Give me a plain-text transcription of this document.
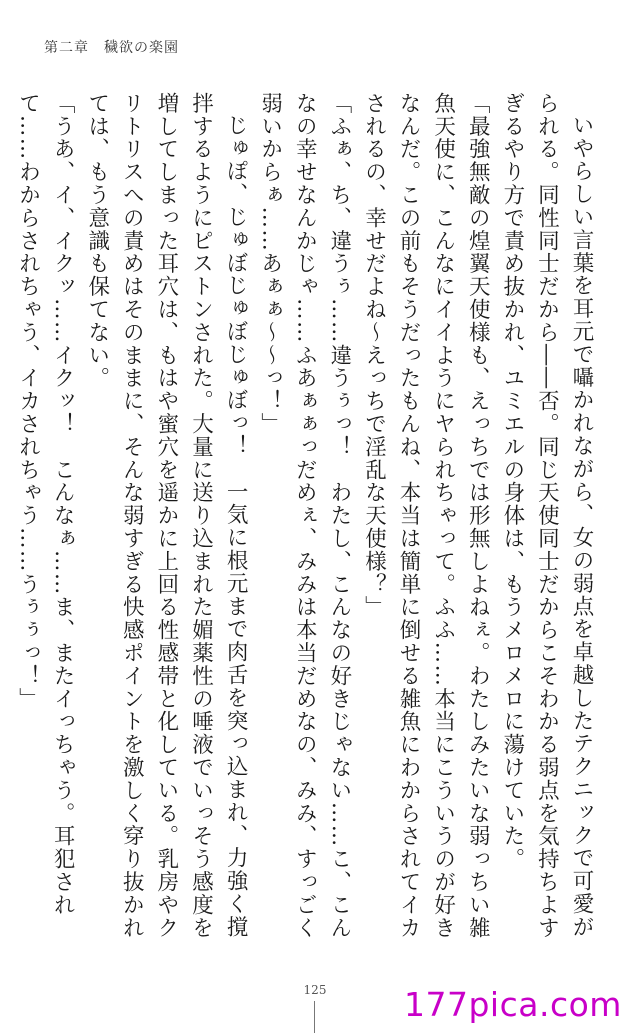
第二章　 穢欲の楽園

いやらしい言葉を耳元で囁かれながら、女の弱点を卓越したテクニックで可愛がられる。同性同士だから――否。同じ天使同士だからこそわかる弱点を気持ちよすぎるやり方で責め抜かれ、ユミエルの身体は、もうメロメロに蕩けていた。

「最強無敵の煌翼天使様も、えっちでは形無しよねぇ。わたしみたいな弱っちい雑魚天使に、こんなにイイようにヤられちゃって。ふふ……本当にこういうのが好きなんだ。この前もそうだったもんね、本当は簡単に倒せる雑魚にわからされてイカされるの、幸せだよね～えっちで淫乱な天使様？」

「ふぁ、ち、違うぅ……違うぅっ！　わたし、こんなの好きじゃない……こ、こんなの幸せなんかじゃ……ふあぁぁっだめぇ、みみは本当だめなの、みみ、すっごく弱いからぁ……あぁぁ～～っ！」

じゅぽ、じゅぼじゅぼじゅぼっ！　一気に根元まで肉舌を突っ込まれ、力強く撹拌するようにピストンされた。大量に送り込まれた媚薬性の唾液でいっそう感度を増してしまった耳穴は、もはや蜜穴を遥かに上回る性感帯と化している。乳房やクリトリスへの責めはそのままに、そんな弱すぎる快感ポイントを激しく穿り抜かれては、もう意識も保てない。

「うあ、イ、イクッ……イクッ！　こんなぁ……ま、またイっちゃう。耳犯されて……わからされちゃう、イカされちゃう……うぅぅっ！」

125 177pica.com
